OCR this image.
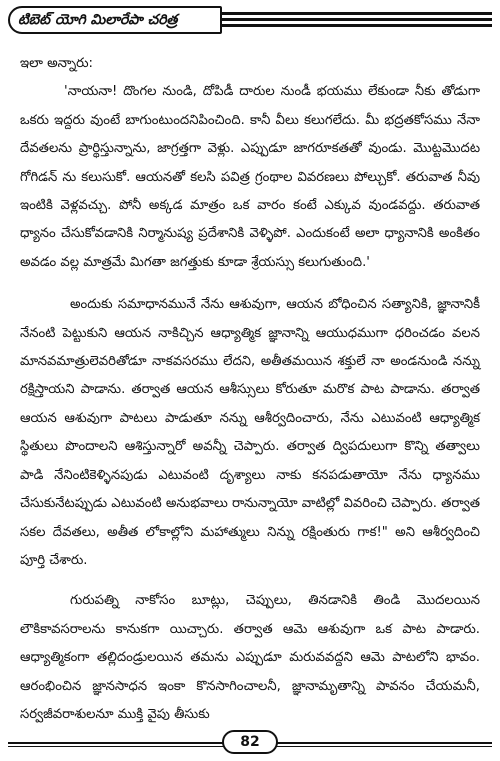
టిబెట్ యోగి మిలారేపా చరిత్ర

ఇలా అన్నారు:

'నాయనా! దొంగల నుండి, దోపిడీ దారుల నుండీ భయము లేకుండా నీకు తోడుగా ఒకరు ఇద్దరు వుంటే బాగుంటుందనిపించింది. కానీ వీలు కలుగలేదు. మీ భద్రతకోసము నేనా దేవతలను ప్రార్థిస్తున్నాను, జాగ్రత్తగా వెళ్లు. ఎప్పుడూ జాగరూకతతో వుండు. మొట్టమొదట గోగిడన్ ను కలుసుకో. ఆయనతో కలసి పవిత్ర గ్రంథాల వివరణలు పోల్చుకో. తరువాత నీవు ఇంటికి వెళ్లవచ్చు. పోనీ అక్కడ మాత్రం ఒక వారం కంటే ఎక్కువ వుండవద్దు. తరువాత ధ్యానం చేసుకోవడానికి నిర్మానుష్య ప్రదేశానికి వెళ్ళిపో. ఎందుకంటే అలా ధ్యానానికి అంకితం అవడం వల్ల మాత్రమే మిగతా జగత్తుకు కూడా శ్రేయస్సు కలుగుతుంది.'

అందుకు సమాధానమునే నేను ఆశువుగా, ఆయన బోధించిన సత్యానికి, జ్ఞానానికీ నేనంటి పెట్టుకుని ఆయన నాకిచ్చిన ఆధ్యాత్మిక జ్ఞానాన్ని ఆయుధముగా ధరించడం వలన మానవమాత్రులెవరితోడూ నాకవసరము లేదని, అతీతమయిన శక్తులే నా అండనుండి నన్ను రక్షిస్తాయని పాడాను. తర్వాత ఆయన ఆశీస్సులు కోరుతూ మరొక పాట పాడాను. తర్వాత ఆయన ఆశువుగా పాటలు పాడుతూ నన్ను ఆశీర్వదించారు, నేను ఎటువంటి ఆధ్యాత్మిక స్థితులు పొందాలని ఆశిస్తున్నారో అవన్నీ చెప్పారు. తర్వాత ద్విపదులుగా కొన్ని తత్వాలు పాడి నేనింటికెళ్ళినపుడు ఎటువంటి దృశ్యాలు నాకు కనపడుతాయో నేను ధ్యానము చేసుకునేటప్పుడు ఎటువంటి అనుభవాలు రానున్నాయో వాటిల్లో వివరించి చెప్పారు. తర్వాత సకల దేవతలు, అతీత లోకాల్లోని మహాత్ములు నిన్ను రక్షింతురు గాక!" అని ఆశీర్వదించి పూర్తి చేశారు.

గురుపత్ని నాకోసం బూట్లు, చెప్పులు, తినడానికి తిండి మొదలయిన లౌకికావసరాలను కానుకగా యిచ్చారు. తర్వాత ఆమె ఆశువుగా ఒక పాట పాడారు. ఆధ్యాత్మికంగా తల్లిదండ్రులయిన తమను ఎప్పుడూ మరువవద్దని ఆమె పాటలోని భావం. ఆరంభించిన జ్ఞానసాధన ఇంకా కొనసాగించాలనీ, జ్ఞానామృతాన్ని పావనం చేయమనీ, సర్వజీవరాశులనూ ముక్తి వైపు తీసుకు

82
